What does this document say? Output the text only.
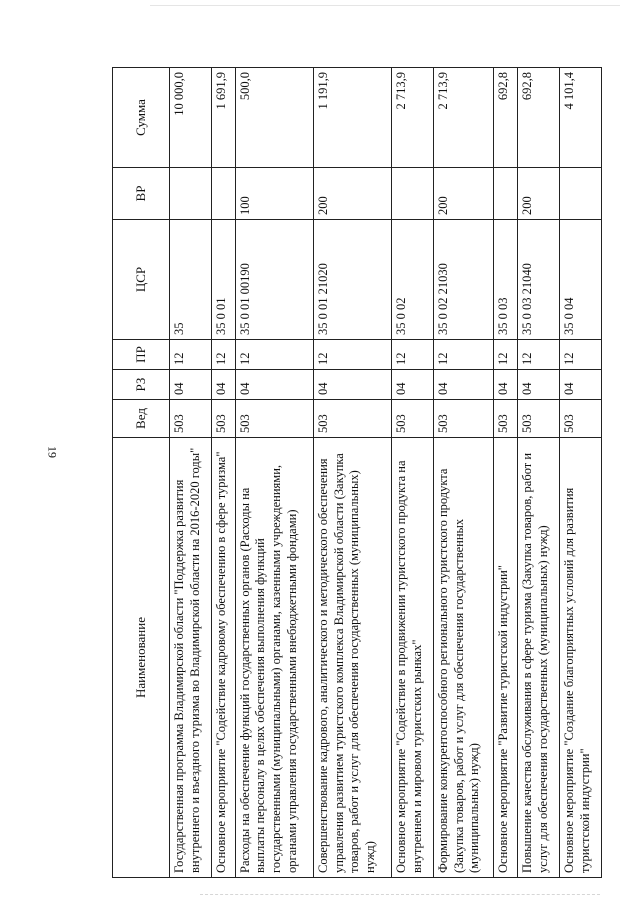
19
Наименование	Вед	РЗ	ПР	ЦСР	ВР	Сумма
Государственная программа Владимирской области "Поддержка развития внутреннего и въездного туризма во Владимирской области на 2016-2020 годы"	503	04	12	35		10 000,0
Основное мероприятие "Содействие кадровому обеспечению в сфере туризма"	503	04	12	35 0 01		1 691,9
Расходы на обеспечение функций государственных органов (Расходы на выплаты персоналу в целях обеспечения выполнения функций государственными (муниципальными) органами, казенными учреждениями, органами управления государственными внебюджетными фондами)	503	04	12	35 0 01 00190	100	500,0
Совершенствование кадрового, аналитического и методического обеспечения управления развитием туристского комплекса Владимирской области (Закупка товаров, работ и услуг для обеспечения государственных (муниципальных) нужд)	503	04	12	35 0 01 21020	200	1 191,9
Основное мероприятие "Содействие в продвижении туристского продукта на внутреннем и мировом туристских рынках"	503	04	12	35 0 02		2 713,9
Формирование конкурентоспособного регионального туристского продукта (Закупка товаров, работ и услуг для обеспечения государственных (муниципальных) нужд)	503	04	12	35 0 02 21030	200	2 713,9
Основное мероприятие "Развитие туристской индустрии"	503	04	12	35 0 03		692,8
Повышение качества обслуживания в сфере туризма (Закупка товаров, работ и услуг для обеспечения государственных (муниципальных) нужд)	503	04	12	35 0 03 21040	200	692,8
Основное мероприятие "Создание благоприятных условий для развития туристской индустрии"	503	04	12	35 0 04		4 101,4
